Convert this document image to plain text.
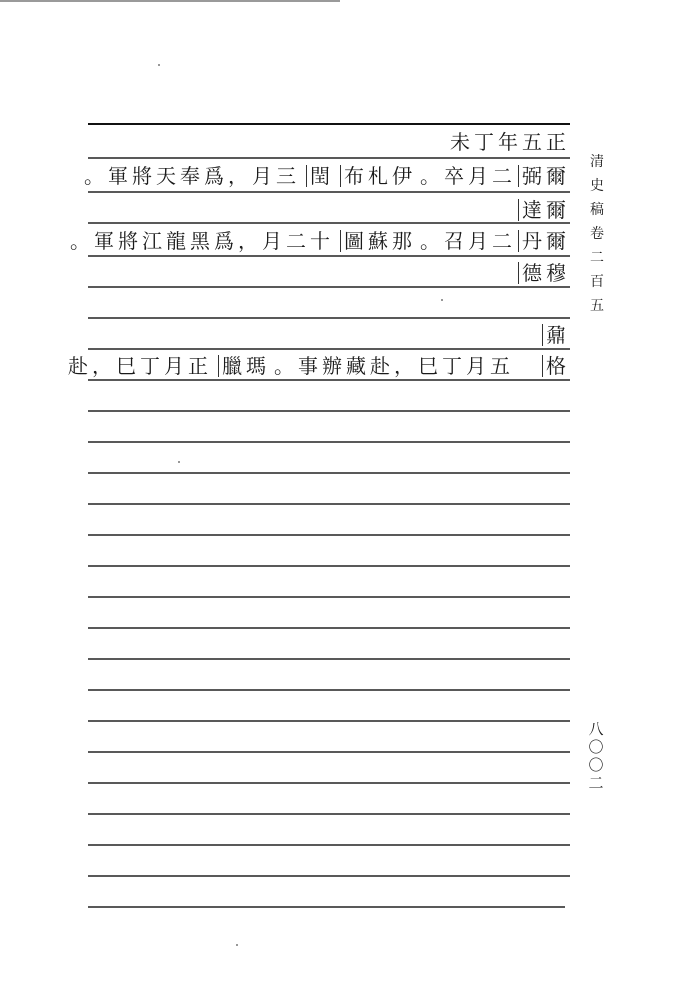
未丁年五正
。軍將天奉爲，月三 閏 布札伊 。卒月二 弼爾
達爾
。軍將江龍黑爲，月二十 圖蘇那 。召月二 丹爾
德穆
鼐
赴，巳丁月正 臘瑪 。事辦藏赴，巳丁月五 格
清
史
稿
卷
二
百
五
八
〇
〇
二
